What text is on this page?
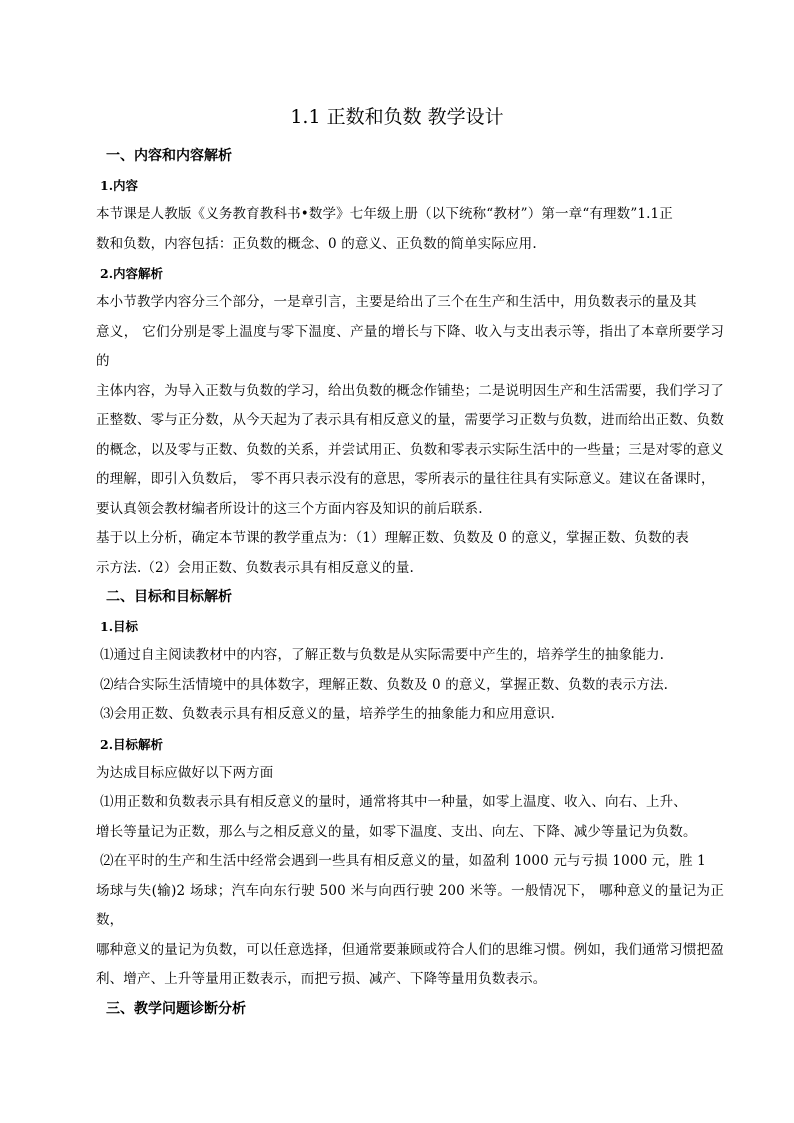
1.1 正数和负数 教学设计
一、内容和内容解析
1.内容

本节课是人教版《义务教育教科书•数学》七年级上册（以下统称“教材”）第一章“有理数”1.1正

数和负数，内容包括：正负数的概念、0 的意义、正负数的简单实际应用.

2.内容解析

本小节教学内容分三个部分，一是章引言，主要是给出了三个在生产和生活中，用负数表示的量及其

意义， 它们分别是零上温度与零下温度、产量的增长与下降、收入与支出表示等，指出了本章所要学习的

主体内容，为导入正数与负数的学习，给出负数的概念作铺垫；二是说明因生产和生活需要，我们学习了

正整数、零与正分数，从今天起为了表示具有相反意义的量，需要学习正数与负数，进而给出正数、负数

的概念，以及零与正数、负数的关系，并尝试用正、负数和零表示实际生活中的一些量；三是对零的意义

的理解，即引入负数后， 零不再只表示没有的意思，零所表示的量往往具有实际意义。建议在备课时，

要认真领会教材编者所设计的这三个方面内容及知识的前后联系.

基于以上分析，确定本节课的教学重点为：（1）理解正数、负数及 0 的意义，掌握正数、负数的表

示方法.（2）会用正数、负数表示具有相反意义的量.

二、目标和目标解析
1.目标

⑴通过自主阅读教材中的内容，了解正数与负数是从实际需要中产生的，培养学生的抽象能力.

⑵结合实际生活情境中的具体数字，理解正数、负数及 0 的意义，掌握正数、负数的表示方法.

⑶会用正数、负数表示具有相反意义的量，培养学生的抽象能力和应用意识.

2.目标解析

为达成目标应做好以下两方面

⑴用正数和负数表示具有相反意义的量时，通常将其中一种量，如零上温度、收入、向右、上升、

增长等量记为正数，那么与之相反意义的量，如零下温度、支出、向左、下降、减少等量记为负数。

⑵在平时的生产和生活中经常会遇到一些具有相反意义的量，如盈利 1000 元与亏损 1000 元，胜 1

场球与失(输)2 场球；汽车向东行驶 500 米与向西行驶 200 米等。一般情况下， 哪种意义的量记为正数，

哪种意义的量记为负数，可以任意选择，但通常要兼顾或符合人们的思维习惯。例如，我们通常习惯把盈

利、增产、上升等量用正数表示，而把亏损、减产、下降等量用负数表示。

三、教学问题诊断分析
